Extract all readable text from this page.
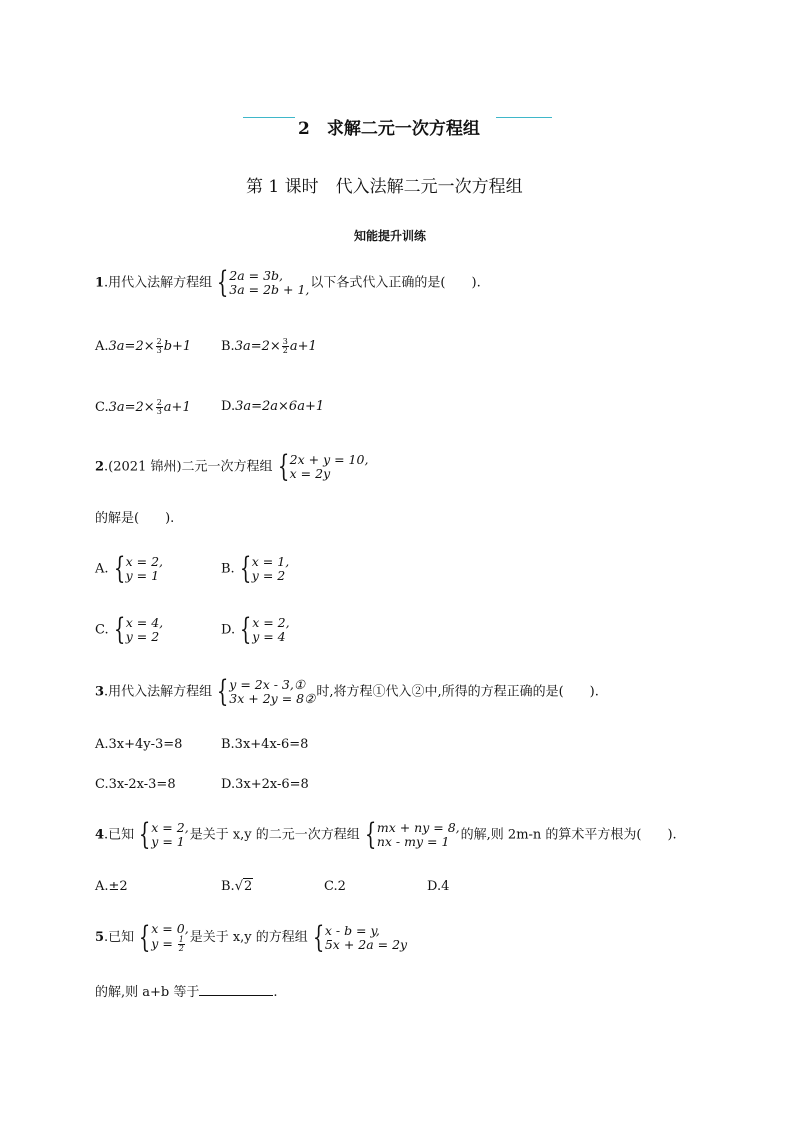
2　求解二元一次方程组
第 1 课时　代入法解二元一次方程组
知能提升训练
1.用代入法解方程组 { 2a = 3b,
3a = 2b + 1, 以下各式代入正确的是(　　).
$A.3a=2\times \frac{2}{3} b+1$ $B.3a=2\times \frac{3}{2} a+1$
$C.3a=2\times \frac{2}{3} a+1$ D.3a=2a×6a+1
2.(2021 锦州)二元一次方程组 { 2x + y = 10,
x = 2y
的解是(　　).
A. { x = 2,
y = 1	B. { x = 1,
y = 2
C. { x = 4,
y = 2	D. { x = 2,
y = 4
3.用代入法解方程组 { y = 2x - 3,①
3x + 2y = 8② 时,将方程①代入②中,所得的方程正确的是(　　).
A.3x+4y-3=8	B.3x+4x-6=8
C.3x-2x-3=8	D.3x+2x-6=8
4.已知 { x = 2,
y = 1 是关于 x,y 的二元一次方程组 { mx + ny = 8,
nx - my = 1 的解,则 2m-n 的算术平方根为(　　).
A.±2	B.√2	C.2	D.4
5.已知 { x = 0,
$y = \frac{1}{2}$ 是关于 x,y 的方程组 { x - b = y,
5x + 2a = 2y
的解,则 a+b 等于	.
